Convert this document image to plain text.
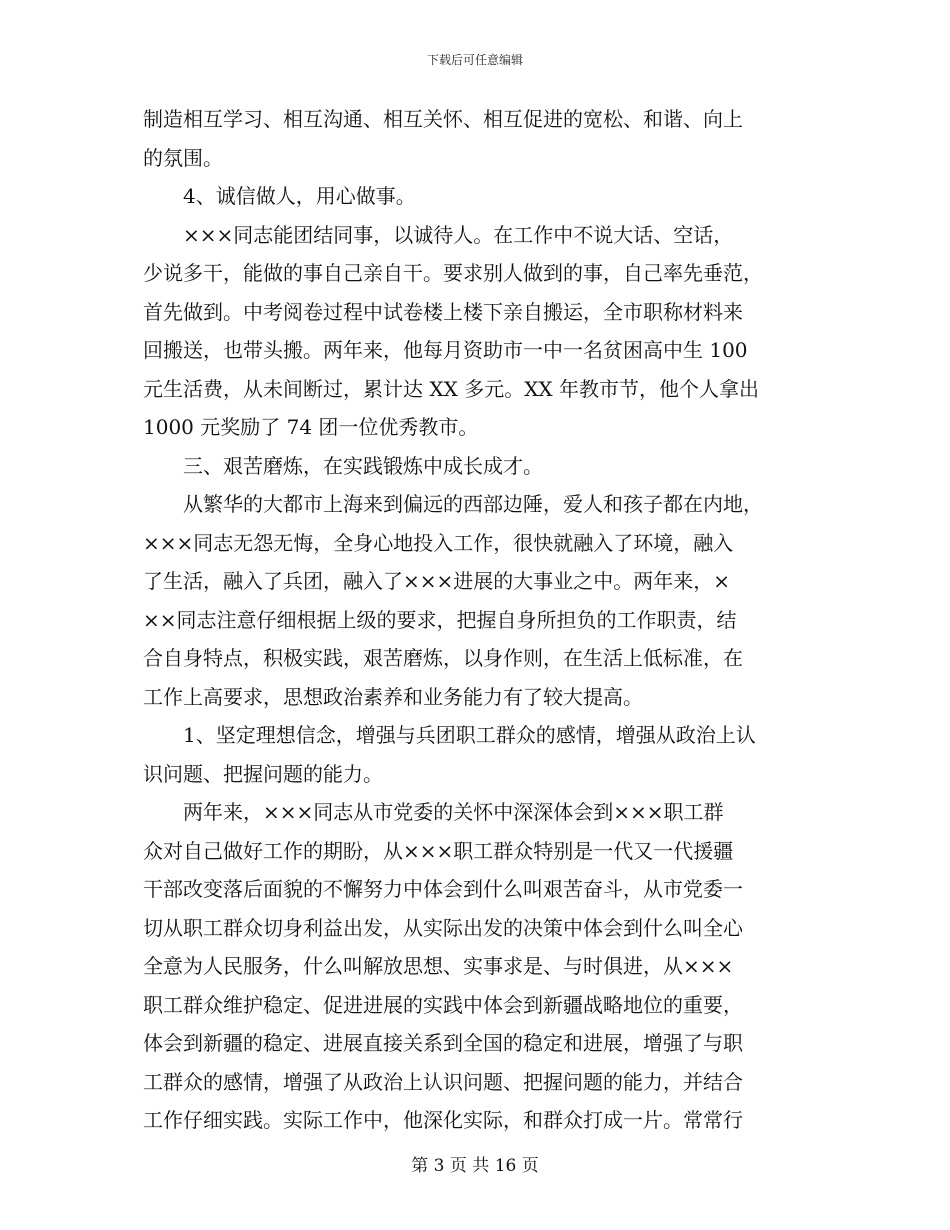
下载后可任意编辑
制造相互学习、相互沟通、相互关怀、相互促进的宽松、和谐、向上
的氛围。
4、诚信做人，用心做事。
×××同志能团结同事，以诚待人。在工作中不说大话、空话，
少说多干，能做的事自己亲自干。要求别人做到的事，自己率先垂范，
首先做到。中考阅卷过程中试卷楼上楼下亲自搬运，全市职称材料来
回搬送，也带头搬。两年来，他每月资助市一中一名贫困高中生 100
元生活费，从未间断过，累计达 XX 多元。XX 年教市节，他个人拿出
1000 元奖励了 74 团一位优秀教市。
三、艰苦磨炼，在实践锻炼中成长成才。
从繁华的大都市上海来到偏远的西部边陲，爱人和孩子都在内地，
×××同志无怨无悔，全身心地投入工作，很快就融入了环境，融入
了生活，融入了兵团，融入了×××进展的大事业之中。两年来，×
××同志注意仔细根据上级的要求，把握自身所担负的工作职责，结
合自身特点，积极实践，艰苦磨炼，以身作则，在生活上低标准，在
工作上高要求，思想政治素养和业务能力有了较大提高。
1、坚定理想信念，增强与兵团职工群众的感情，增强从政治上认
识问题、把握问题的能力。
两年来，×××同志从市党委的关怀中深深体会到×××职工群
众对自己做好工作的期盼，从×××职工群众特别是一代又一代援疆
干部改变落后面貌的不懈努力中体会到什么叫艰苦奋斗，从市党委一
切从职工群众切身利益出发，从实际出发的决策中体会到什么叫全心
全意为人民服务，什么叫解放思想、实事求是、与时俱进，从×××
职工群众维护稳定、促进进展的实践中体会到新疆战略地位的重要，
体会到新疆的稳定、进展直接关系到全国的稳定和进展，增强了与职
工群众的感情，增强了从政治上认识问题、把握问题的能力，并结合
工作仔细实践。实际工作中，他深化实际，和群众打成一片。常常行
第 3 页 共 16 页
